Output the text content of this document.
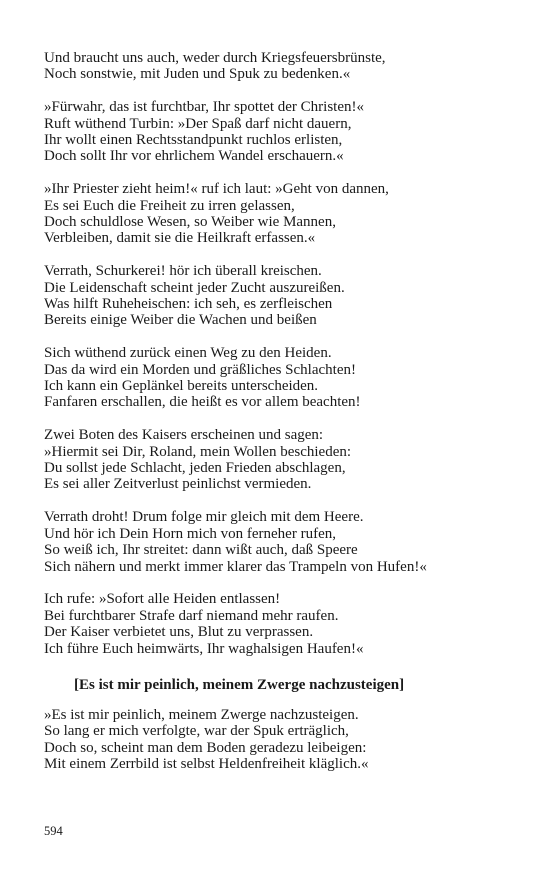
Und braucht uns auch, weder durch Kriegsfeuersbrünste,
Noch sonstwie, mit Juden und Spuk zu bedenken.«
»Fürwahr, das ist furchtbar, Ihr spottet der Christen!«
Ruft wüthend Turbin: »Der Spaß darf nicht dauern,
Ihr wollt einen Rechtsstandpunkt ruchlos erlisten,
Doch sollt Ihr vor ehrlichem Wandel erschauern.«
»Ihr Priester zieht heim!« ruf ich laut: »Geht von dannen,
Es sei Euch die Freiheit zu irren gelassen,
Doch schuldlose Wesen, so Weiber wie Mannen,
Verbleiben, damit sie die Heilkraft erfassen.«
Verrath, Schurkerei! hör ich überall kreischen.
Die Leidenschaft scheint jeder Zucht auszureißen.
Was hilft Ruheheischen: ich seh, es zerfleischen
Bereits einige Weiber die Wachen und beißen
Sich wüthend zurück einen Weg zu den Heiden.
Das da wird ein Morden und gräßliches Schlachten!
Ich kann ein Geplänkel bereits unterscheiden.
Fanfaren erschallen, die heißt es vor allem beachten!
Zwei Boten des Kaisers erscheinen und sagen:
»Hiermit sei Dir, Roland, mein Wollen beschieden:
Du sollst jede Schlacht, jeden Frieden abschlagen,
Es sei aller Zeitverlust peinlichst vermieden.
Verrath droht! Drum folge mir gleich mit dem Heere.
Und hör ich Dein Horn mich von ferneher rufen,
So weiß ich, Ihr streitet: dann wißt auch, daß Speere
Sich nähern und merkt immer klarer das Trampeln von Hufen!«
Ich rufe: »Sofort alle Heiden entlassen!
Bei furchtbarer Strafe darf niemand mehr raufen.
Der Kaiser verbietet uns, Blut zu verprassen.
Ich führe Euch heimwärts, Ihr waghalsigen Haufen!«
[Es ist mir peinlich, meinem Zwerge nachzusteigen]
»Es ist mir peinlich, meinem Zwerge nachzusteigen.
So lang er mich verfolgte, war der Spuk erträglich,
Doch so, scheint man dem Boden geradezu leibeigen:
Mit einem Zerrbild ist selbst Heldenfreiheit kläglich.«
594
